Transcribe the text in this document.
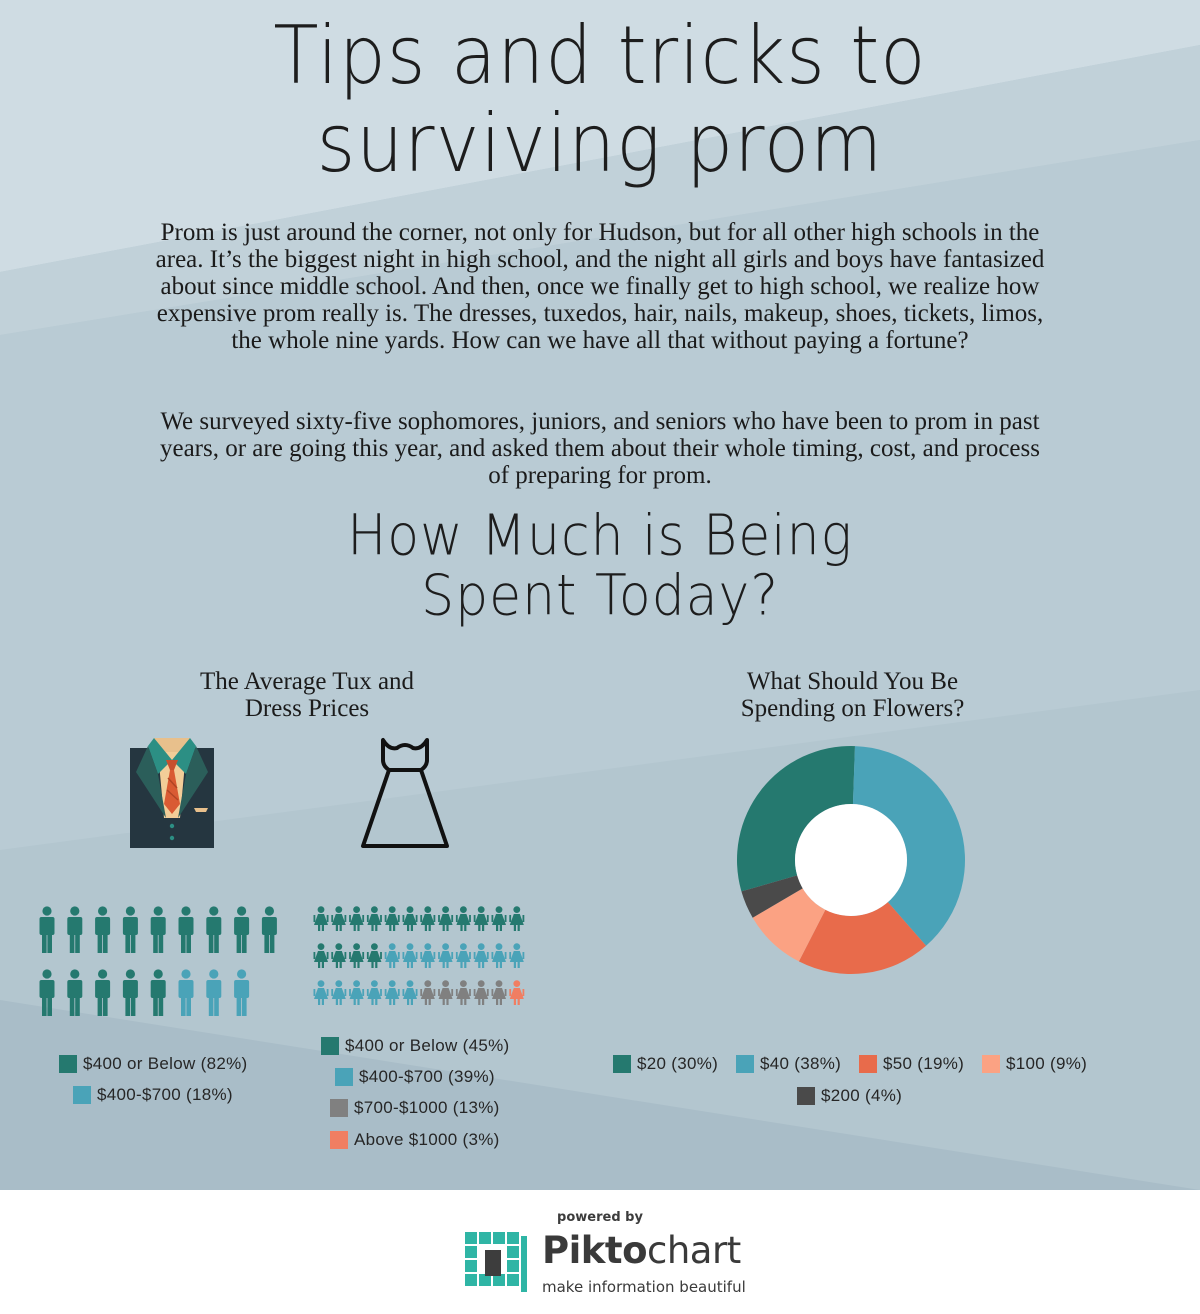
Tips and tricks to
surviving prom

Prom is just around the corner, not only for Hudson, but for all other high schools in the area. It’s the biggest night in high school, and the night all girls and boys have fantasized about since middle school. And then, once we finally get to high school, we realize how expensive prom really is. The dresses, tuxedos, hair, nails, makeup, shoes, tickets, limos, the whole nine yards. How can we have all that without paying a fortune?

We surveyed sixty-five sophomores, juniors, and seniors who have been to prom in past years, or are going this year, and asked them about their whole timing, cost, and process of preparing for prom.

How Much is Being
Spent Today?
The Average Tux and
Dress Prices
What Should You Be
Spending on Flowers?
$400 or Below (82%)
$400-$700 (18%)
$400 or Below (45%)
$400-$700 (39%)
$700-$1000 (13%)
Above $1000 (3%)
$20 (30%) $40 (38%) $50 (19%) $100 (9%)
$200 (4%)
powered by
Piktochart
make information beautiful
